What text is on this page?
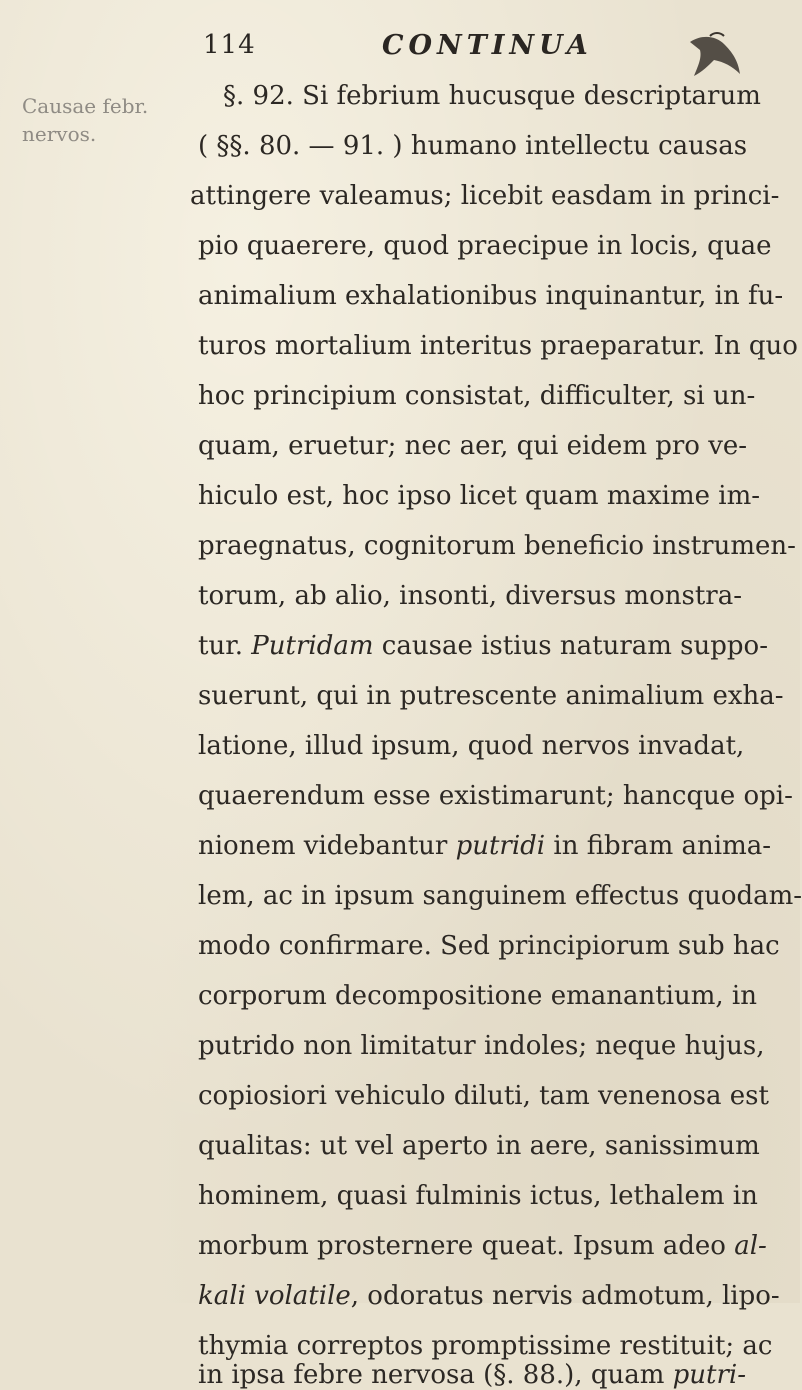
114	CONTINUA
Causae febr.
nervos.
§. 92. Si febrium hucusque descriptarum
( §§. 80. — 91. ) humano intellectu causas
attingere valeamus; licebit easdam in princi-
pio quaerere, quod praecipue in locis, quae
animalium exhalationibus inquinantur, in fu-
turos mortalium interitus praeparatur. In quo
hoc principium consistat, difficulter, si un-
quam, eruetur; nec aer, qui eidem pro ve-
hiculo est, hoc ipso licet quam maxime im-
praegnatus, cognitorum beneficio instrumen-
torum, ab alio, insonti, diversus monstra-
tur. Putridam causae istius naturam suppo-
suerunt, qui in putrescente animalium exha-
latione, illud ipsum, quod nervos invadat,
quaerendum esse existimarunt; hancque opi-
nionem videbantur putridi in fibram anima-
lem, ac in ipsum sanguinem effectus quodam-
modo confirmare. Sed principiorum sub hac
corporum decompositione emanantium, in
putrido non limitatur indoles; neque hujus,
copiosiori vehiculo diluti, tam venenosa est
qualitas: ut vel aperto in aere, sanissimum
hominem, quasi fulminis ictus, lethalem in
morbum prosternere queat. Ipsum adeo al-
kali volatile, odoratus nervis admotum, lipo-
thymia correptos promptissime restituit; ac
in ipsa febre nervosa (§. 88.), quam putri-
